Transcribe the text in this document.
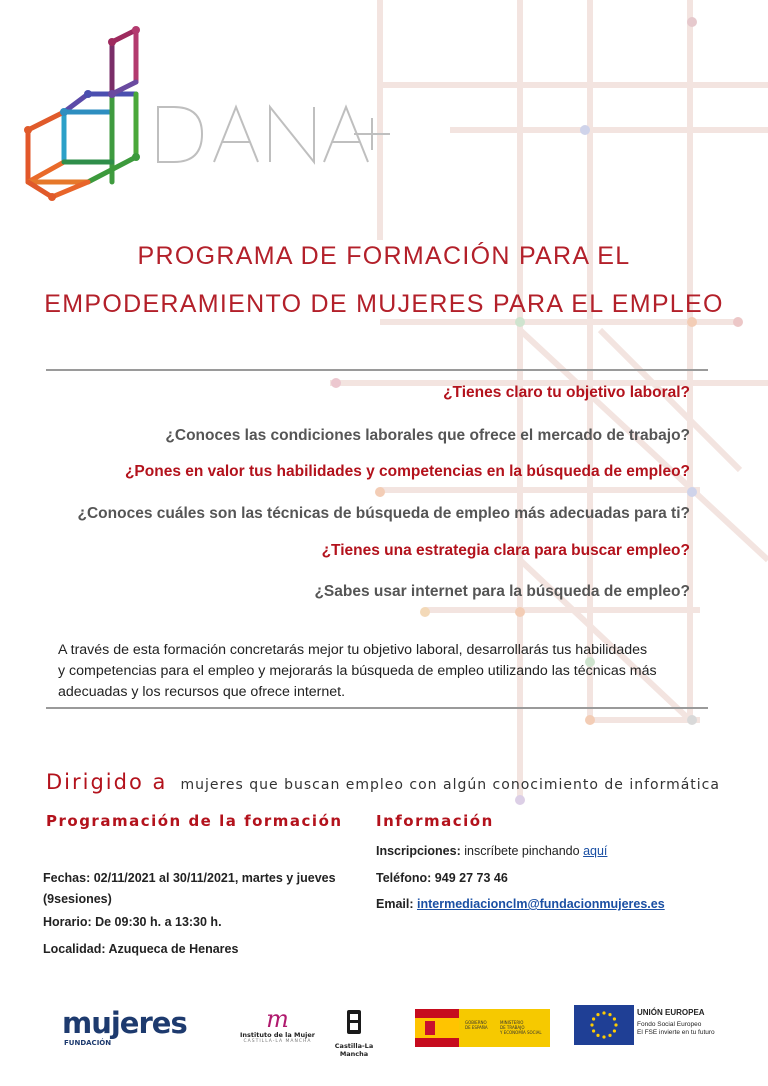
PROGRAMA DE FORMACIÓN PARA EL
EMPODERAMIENTO DE MUJERES PARA EL EMPLEO
¿Tienes claro tu objetivo laboral?
¿Conoces las condiciones laborales que ofrece el mercado de trabajo?
¿Pones en valor tus habilidades y competencias en la búsqueda de empleo?
¿Conoces cuáles son las técnicas de búsqueda de empleo más adecuadas para ti?
¿Tienes una estrategia clara para buscar empleo?
¿Sabes usar internet para la búsqueda de empleo?
A través de esta formación concretarás mejor tu objetivo laboral, desarrollarás tus habilidades
y competencias para el empleo y mejorarás la búsqueda de empleo utilizando las técnicas más
adecuadas y los recursos que ofrece internet.
Dirigido a mujeres que buscan empleo con algún conocimiento de informática
Programación de la formación Información
Fechas: 02/11/2021 al 30/11/2021, martes y jueves
(9sesiones)
Horario: De 09:30 h. a 13:30 h.
Localidad: Azuqueca de Henares
Inscripciones: inscríbete pinchando aquí
Teléfono: 949 27 73 46
Email: intermediacionclm@fundacionmujeres.es
mujeres
FUNDACIÓN
m
Instituto de la Mujer
CASTILLA-LA MANCHA
Castilla-La Mancha
GOBIERNO
DE ESPAÑA
MINISTERIO
DE TRABAJO
Y ECONOMÍA SOCIAL
UNIÓN EUROPEA
Fondo Social Europeo
El FSE invierte en tu futuro
